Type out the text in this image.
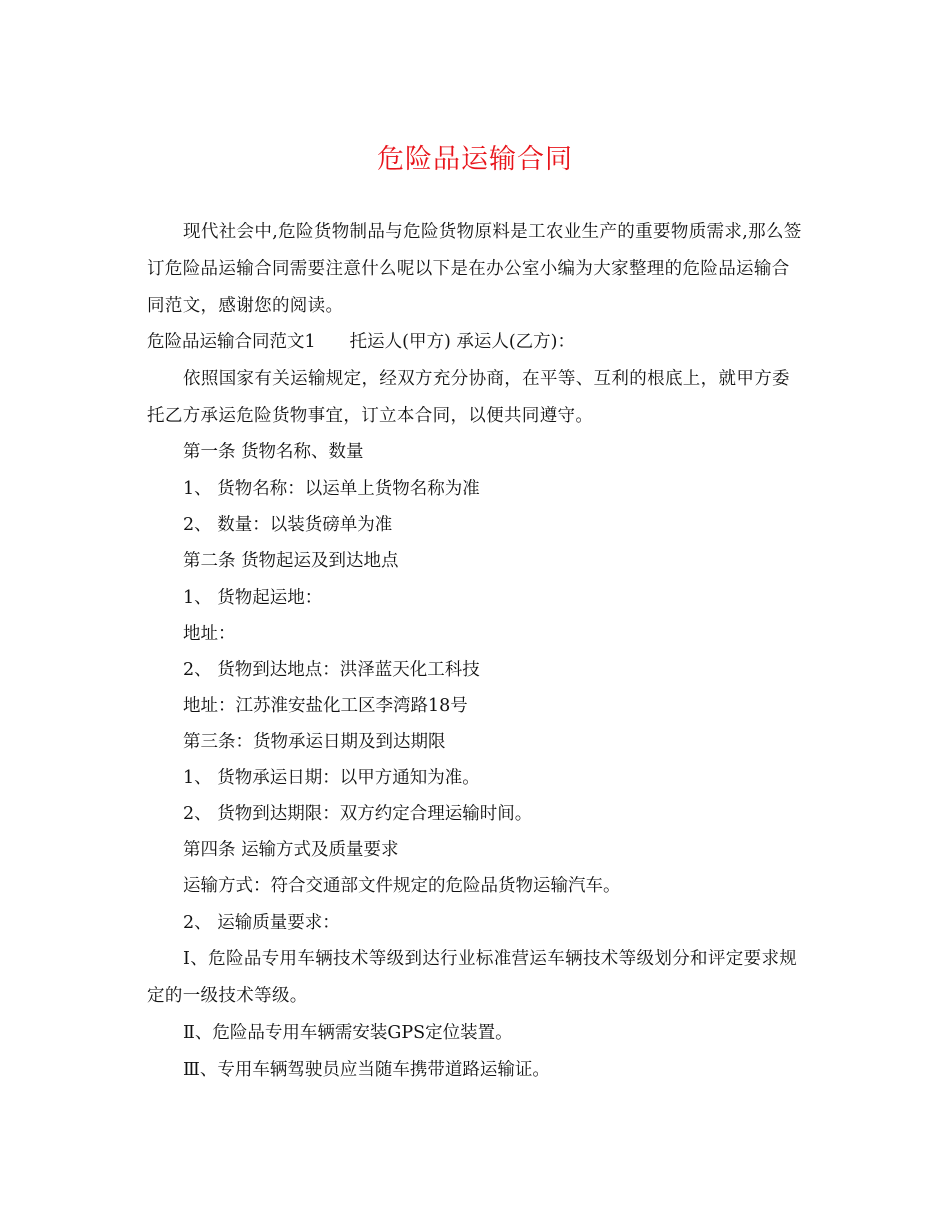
危险品运输合同
现代社会中,危险货物制品与危险货物原料是工农业生产的重要物质需求,那么签订危险品运输合同需要注意什么呢以下是在办公室小编为大家整理的危险品运输合同范文，感谢您的阅读。
危险品运输合同范文1 托运人(甲方) 承运人(乙方)：
依照国家有关运输规定，经双方充分协商，在平等、互利的根底上，就甲方委托乙方承运危险货物事宜，订立本合同，以便共同遵守。
第一条 货物名称、数量
1、 货物名称：以运单上货物名称为准
2、 数量：以装货磅单为准
第二条 货物起运及到达地点
1、 货物起运地：
地址：
2、 货物到达地点：洪泽蓝天化工科技
地址：江苏淮安盐化工区李湾路18号
第三条：货物承运日期及到达期限
1、 货物承运日期：以甲方通知为准。
2、 货物到达期限：双方约定合理运输时间。
第四条 运输方式及质量要求
运输方式：符合交通部文件规定的危险品货物运输汽车。
2、 运输质量要求：
Ⅰ、危险品专用车辆技术等级到达行业标准营运车辆技术等级划分和评定要求规定的一级技术等级。
Ⅱ、危险品专用车辆需安装GPS定位装置。
Ⅲ、专用车辆驾驶员应当随车携带道路运输证。
